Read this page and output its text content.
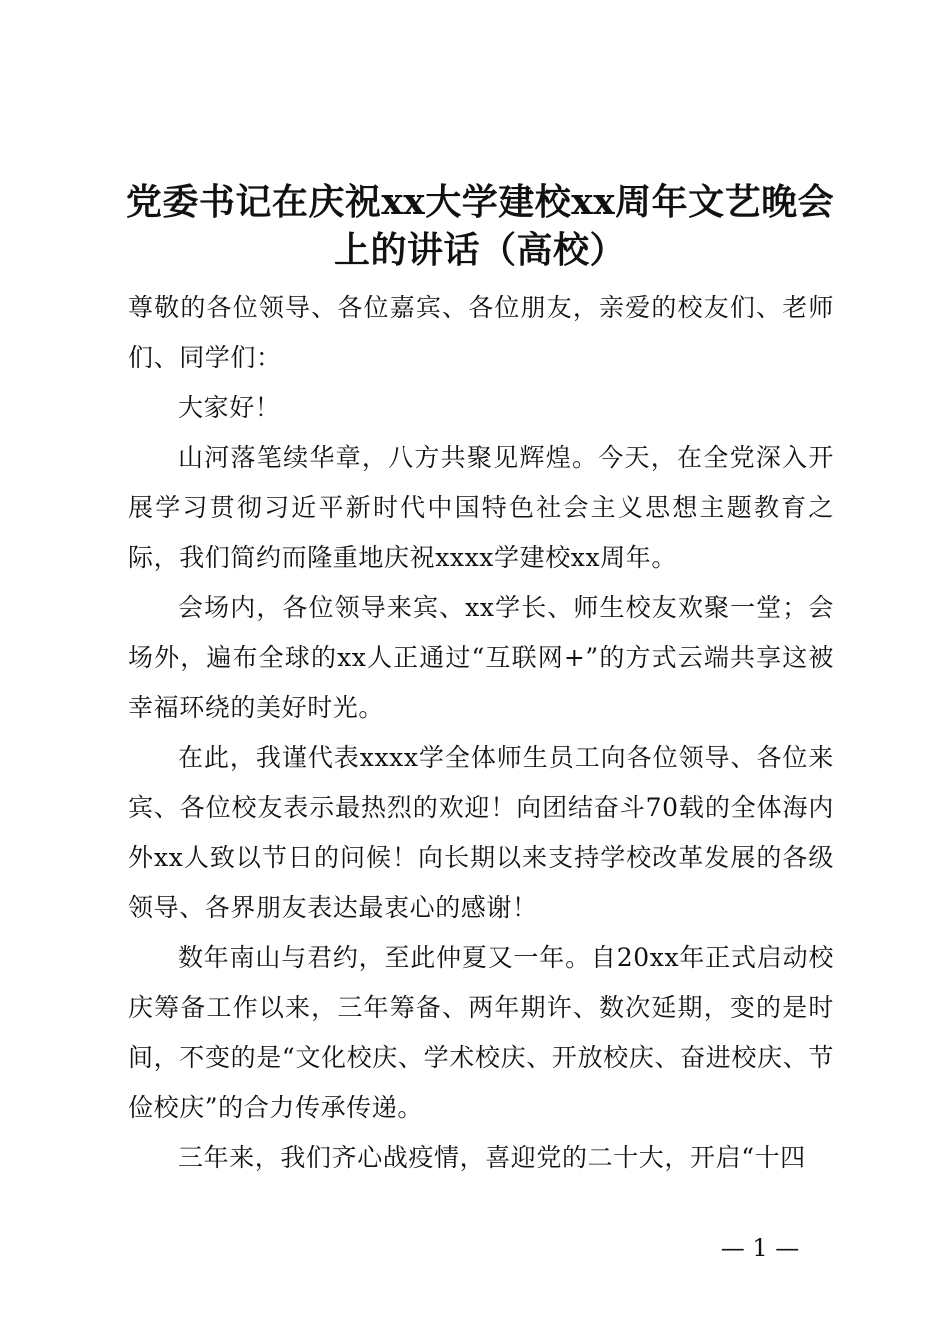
党委书记在庆祝xx大学建校xx周年文艺晚会
上的讲话（高校）

尊敬的各位领导、各位嘉宾、各位朋友，亲爱的校友们、老师们、同学们：

大家好！

山河落笔续华章，八方共聚见辉煌。今天，在全党深入开展学习贯彻习近平新时代中国特色社会主义思想主题教育之际，我们简约而隆重地庆祝xxxx学建校xx周年。

会场内，各位领导来宾、xx学长、师生校友欢聚一堂；会场外，遍布全球的xx人正通过“互联网+”的方式云端共享这被幸福环绕的美好时光。

在此，我谨代表xxxx学全体师生员工向各位领导、各位来宾、各位校友表示最热烈的欢迎！向团结奋斗70载的全体海内外xx人致以节日的问候！向长期以来支持学校改革发展的各级领导、各界朋友表达最衷心的感谢！

数年南山与君约，至此仲夏又一年。自20xx年正式启动校庆筹备工作以来，三年筹备、两年期许、数次延期，变的是时间，不变的是“文化校庆、学术校庆、开放校庆、奋进校庆、节俭校庆”的合力传承传递。

三年来，我们齐心战疫情，喜迎党的二十大，开启“十四

— 1 —
